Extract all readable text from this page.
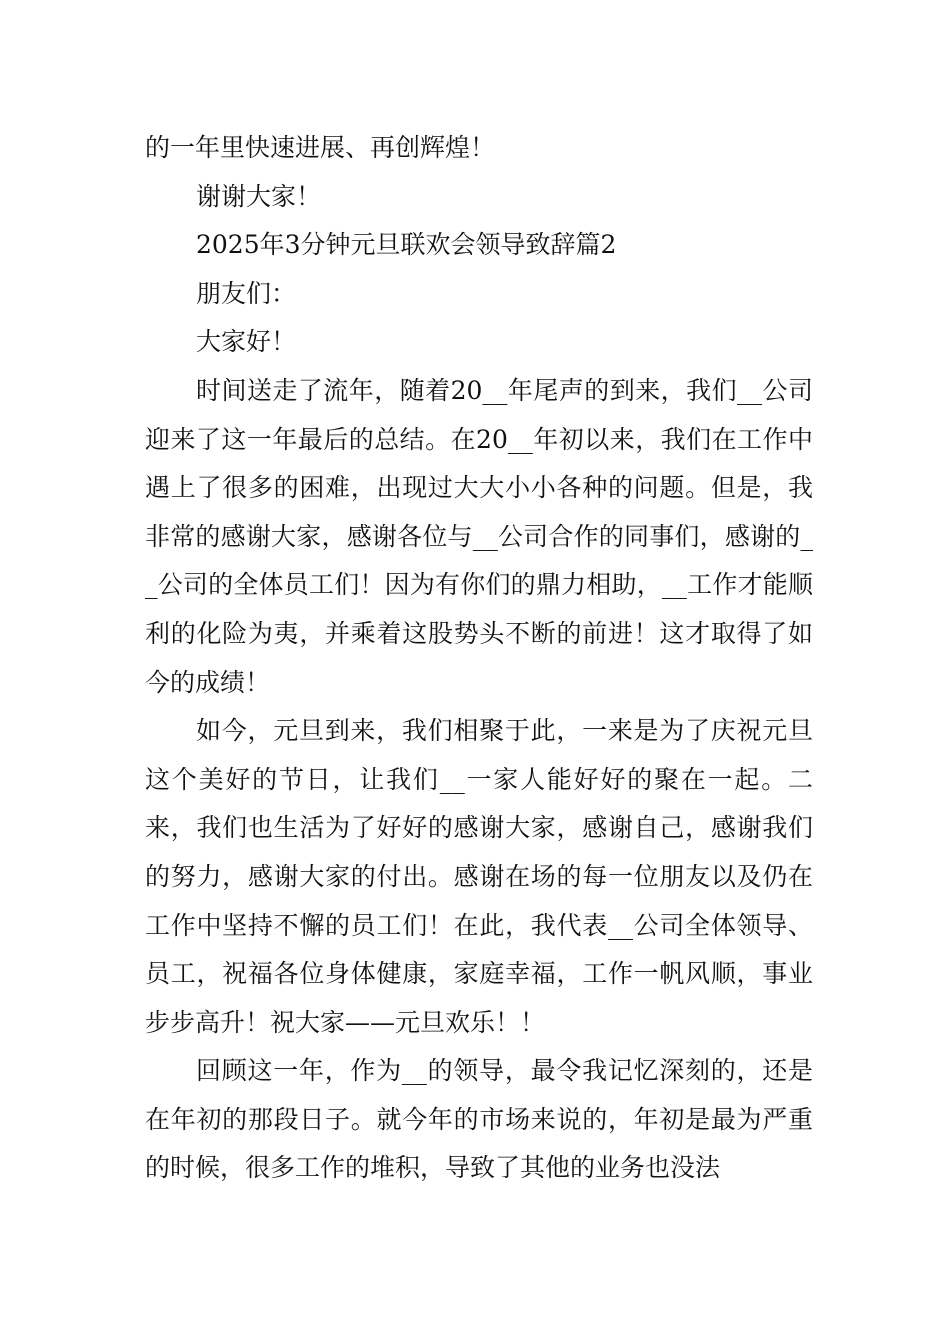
的一年里快速进展、再创辉煌！

谢谢大家！

2025年3分钟元旦联欢会领导致辞篇2

朋友们：

大家好！

时间送走了流年，随着20__年尾声的到来，我们__公司迎来了这一年最后的总结。在20__年初以来，我们在工作中遇上了很多的困难，出现过大大小小各种的问题。但是，我非常的感谢大家，感谢各位与__公司合作的同事们，感谢的__公司的全体员工们！因为有你们的鼎力相助，__工作才能顺利的化险为夷，并乘着这股势头不断的前进！这才取得了如今的成绩！

如今，元旦到来，我们相聚于此，一来是为了庆祝元旦这个美好的节日，让我们__一家人能好好的聚在一起。二来，我们也生活为了好好的感谢大家，感谢自己，感谢我们的努力，感谢大家的付出。感谢在场的每一位朋友以及仍在工作中坚持不懈的员工们！在此，我代表__公司全体领导、员工，祝福各位身体健康，家庭幸福，工作一帆风顺，事业步步高升！祝大家——元旦欢乐！！

回顾这一年，作为__的领导，最令我记忆深刻的，还是在年初的那段日子。就今年的市场来说的，年初是最为严重的时候，很多工作的堆积，导致了其他的业务也没法
